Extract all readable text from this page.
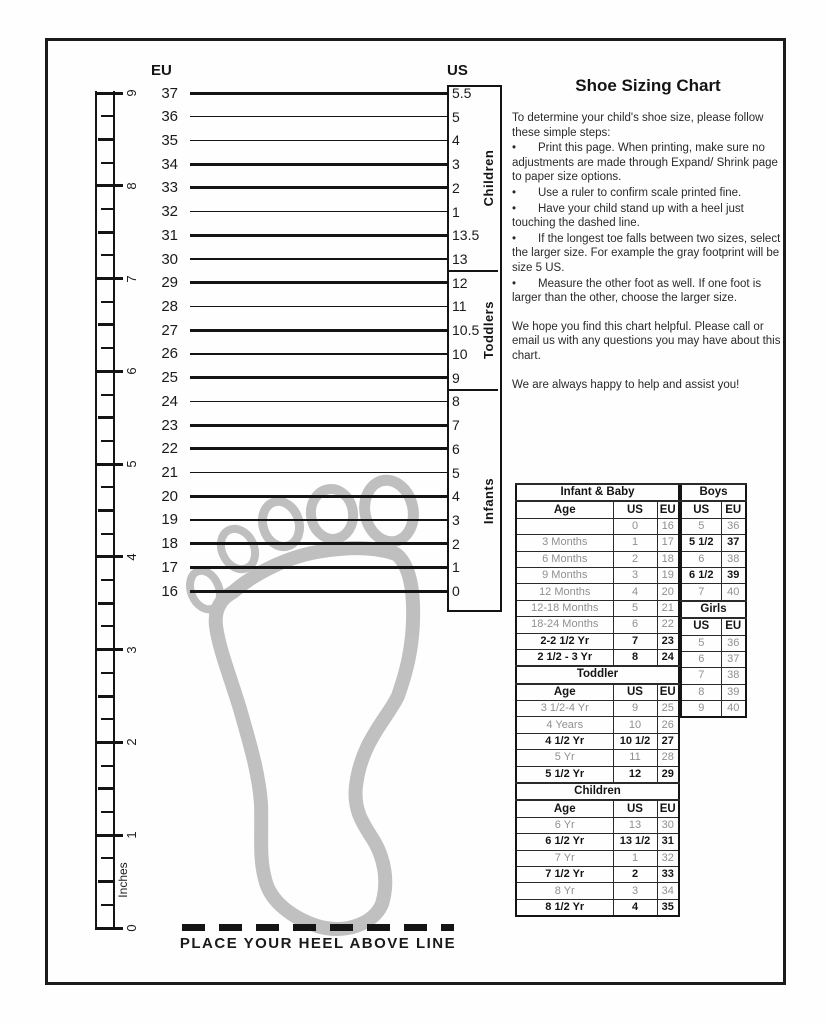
EU	US
37	5.5
36	5
35	4
34	3
33	2
32	1
31	13.5
30	13
29	12
28	11
27	10.5
26	10
25	9
24	8
23	7
22	6
21	5
20	4
19	3
18	2
17	1
16	0
Children
Toddlers
Infants
9
8
7
6
5
4
3
2
1
0
PLACE YOUR HEEL ABOVE LINE
Inches
Shoe Sizing Chart

To determine your child's shoe size, please follow these simple steps:

• Print this page. When printing, make sure no adjustments are made through Expand/ Shrink page to paper size options.

• Use a ruler to confirm scale printed fine.

• Have your child stand up with a heel just touching the dashed line.

• If the longest toe falls between two sizes, select the larger size. For example the gray footprint will be size 5 US.

• Measure the other foot as well. If one foot is larger than the other, choose the larger size.

We hope you find this chart helpful. Please call or email us with any questions you may have about this chart.

We are always happy to help and assist you!

Infant & Baby		
Age	US	EU
	0	16
3 Months	1	17
6 Months	2	18
9 Months	3	19
12 Months	4	20
12-18 Months	5	21
18-24 Months	6	22
2-2 1/2 Yr	7	23
2 1/2 - 3 Yr	8	24
Toddler		
Age	US	EU
3 1/2-4 Yr	9	25
4 Years	10	26
4 1/2 Yr	10 1/2	27
5 Yr	11	28
5 1/2 Yr	12	29
Children		
Age	US	EU
6 Yr	13	30
6 1/2 Yr	13 1/2	31
7 Yr	1	32
7 1/2 Yr	2	33
8 Yr	3	34
8 1/2 Yr	4	35
Boys	
US	EU
5	36
5 1/2	37
6	38
6 1/2	39
7	40
Girls	
US	EU
5	36
6	37
7	38
8	39
9	40
